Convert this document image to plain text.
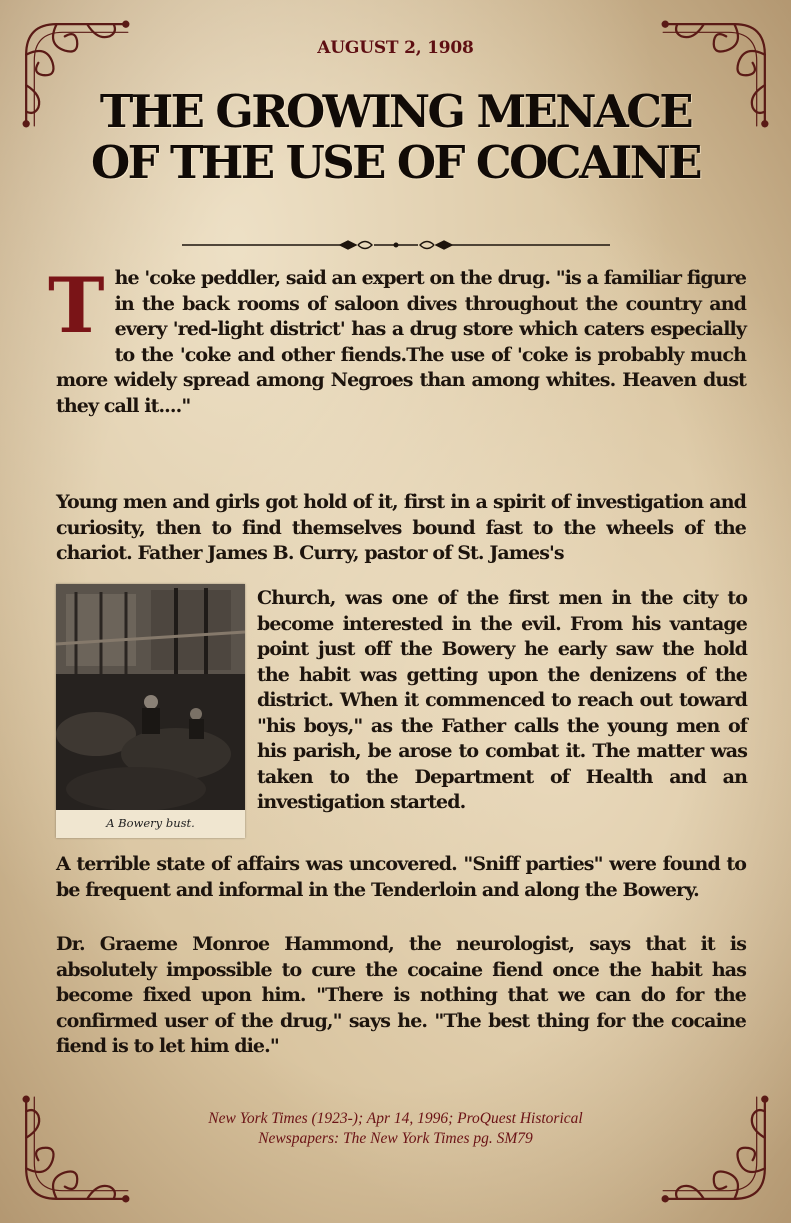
AUGUST 2, 1908
THE GROWING MENACE
OF THE USE OF COCAINE

The 'coke peddler, said an expert on the drug. "is a familiar figure in the back rooms of saloon dives throughout the country and every 'red-light district' has a drug store which caters especially to the 'coke and other fiends.The use of 'coke is probably much more widely spread among Negroes than among whites. Heaven dust they call it...."

Young men and girls got hold of it, first in a spirit of investigation and curiosity, then to find themselves bound fast to the wheels of the chariot. Father James B. Curry, pastor of St. James's

A Bowery bust.

Church, was one of the first men in the city to become interested in the evil. From his vantage point just off the Bowery he early saw the hold the habit was getting upon the denizens of the district. When it commenced to reach out toward "his boys," as the Father calls the young men of his parish, be arose to combat it. The matter was taken to the Department of Health and an investigation started.

A terrible state of affairs was uncovered. "Sniff parties" were found to be frequent and informal in the Tenderloin and along the Bowery.

Dr. Graeme Monroe Hammond, the neurologist, says that it is absolutely impossible to cure the cocaine fiend once the habit has become fixed upon him. "There is nothing that we can do for the confirmed user of the drug," says he. "The best thing for the cocaine fiend is to let him die."

New York Times (1923-); Apr 14, 1996; ProQuest Historical
Newspapers: The New York Times pg. SM79
